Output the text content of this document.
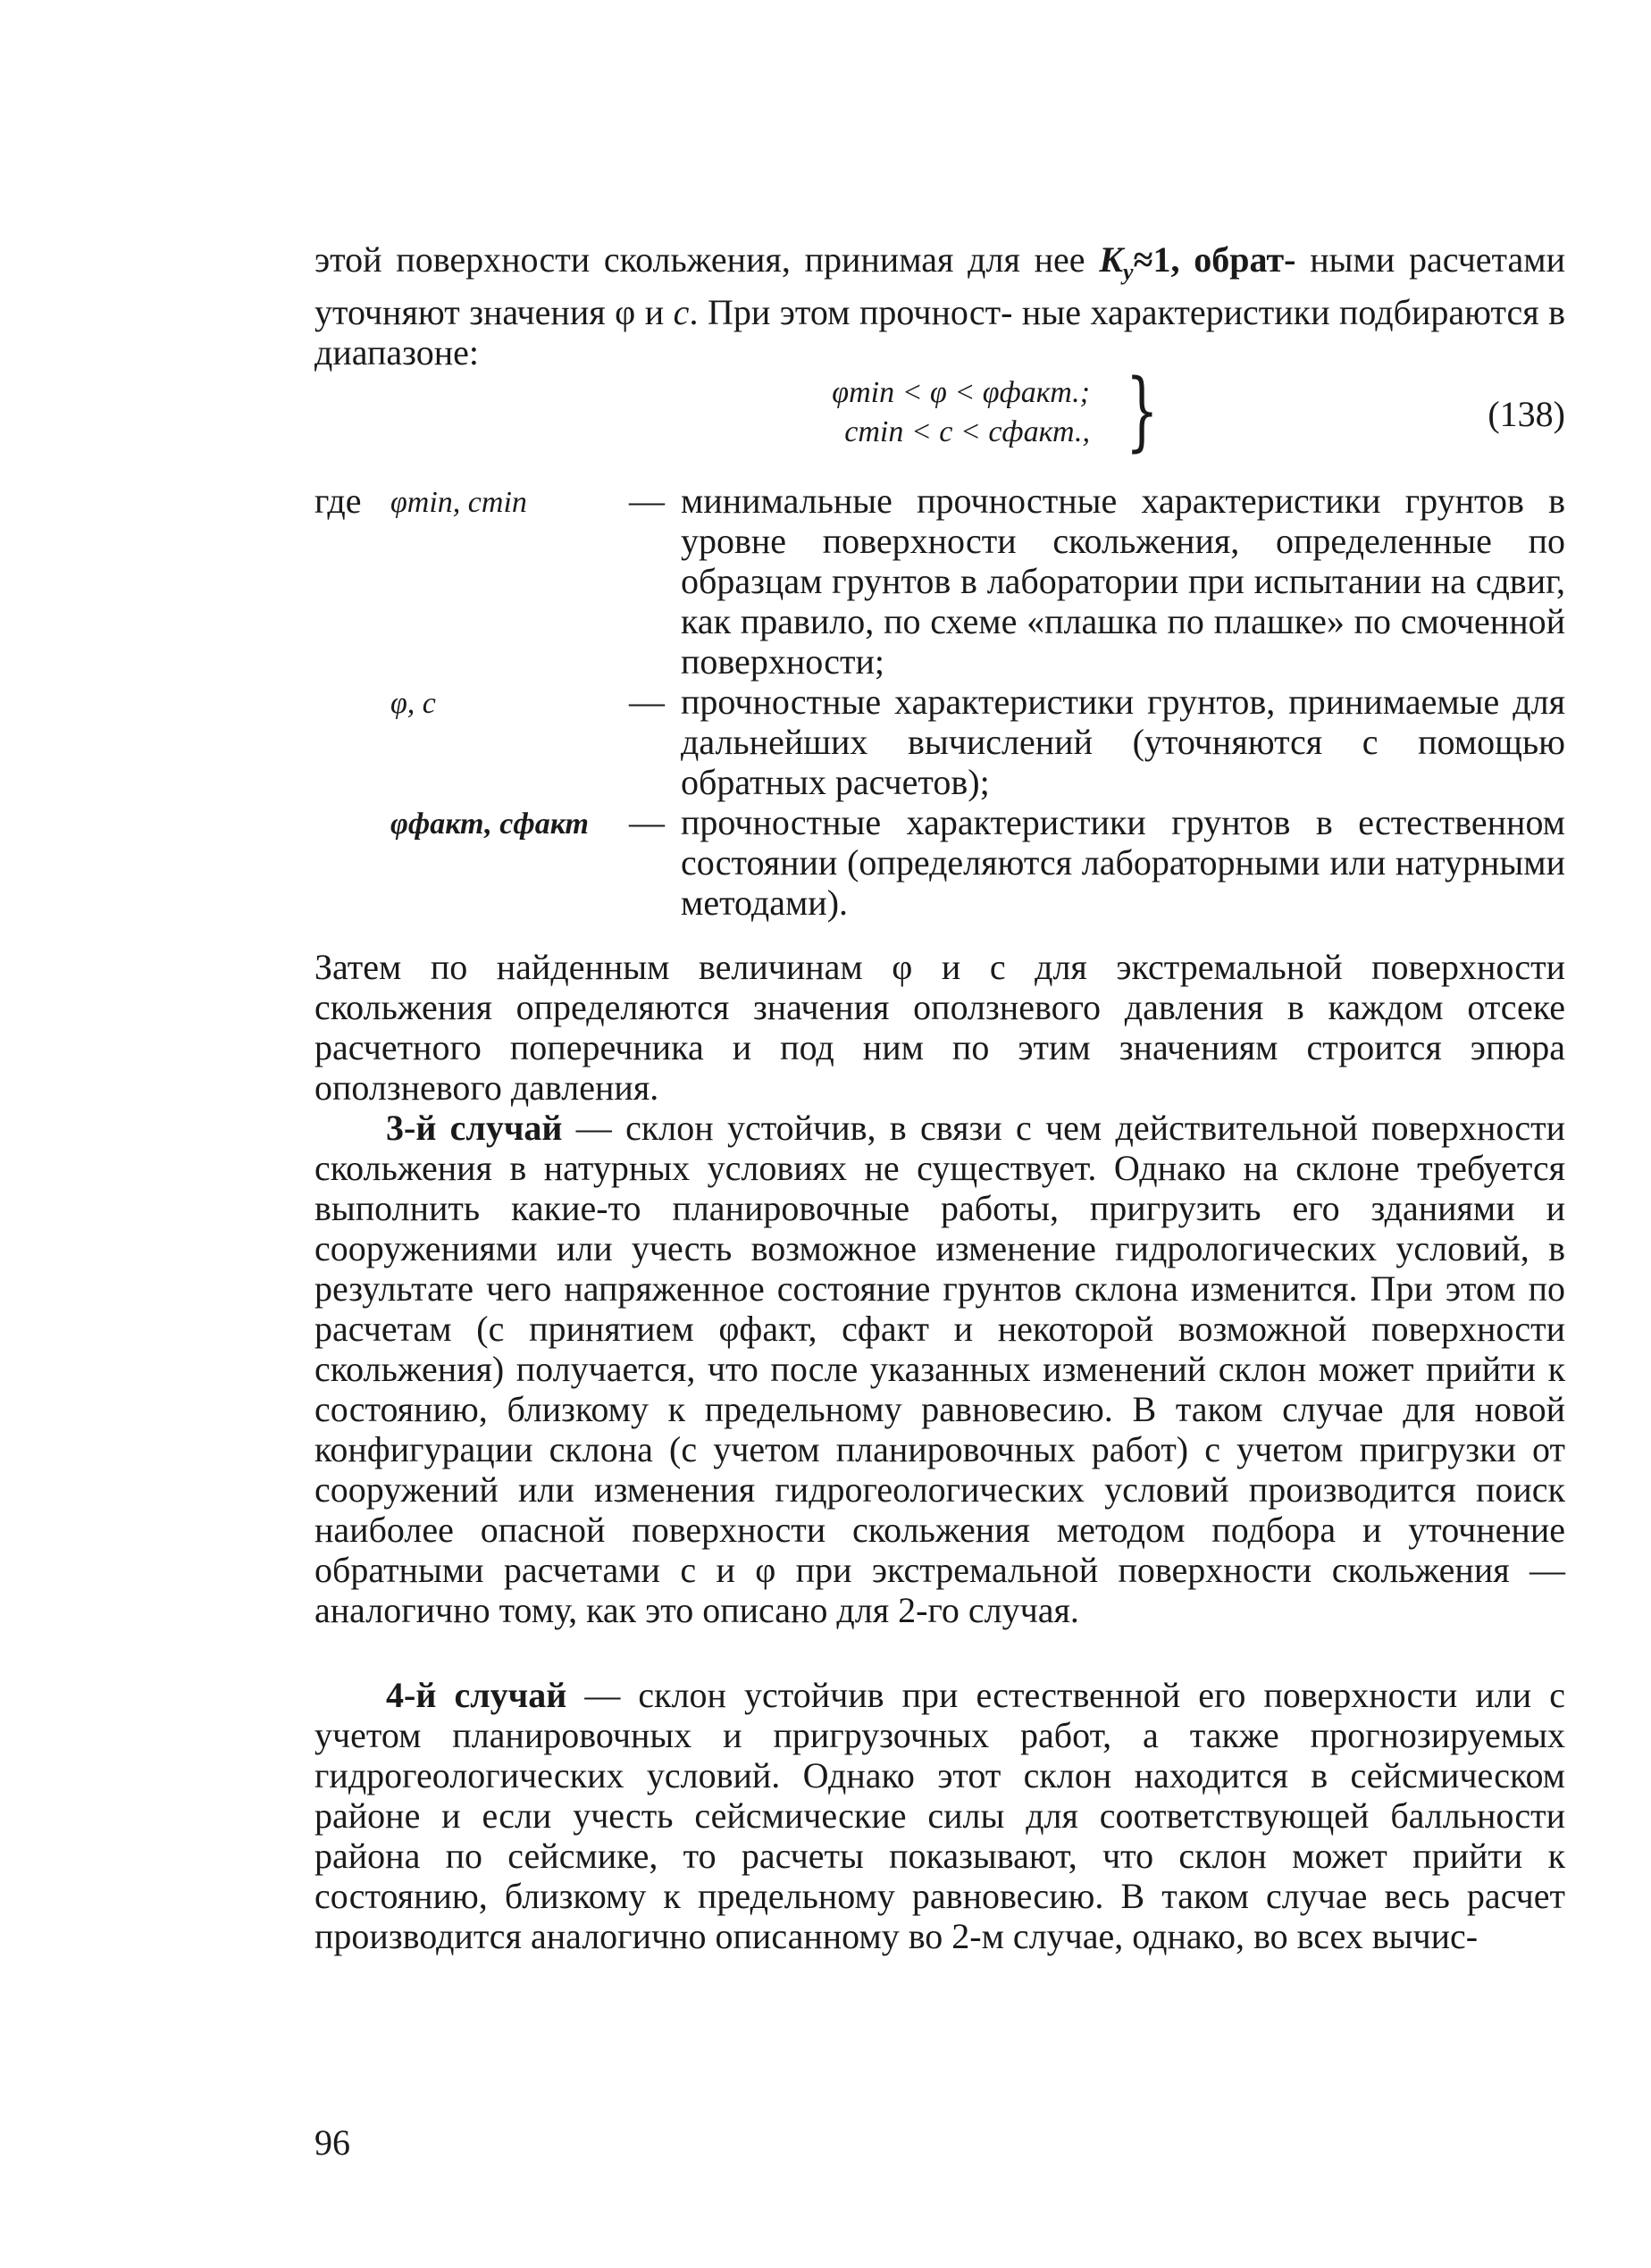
этой поверхности скольжения, принимая для нее $K_у\approx 1$, обрат- ными расчетами уточняют значения φ и c. При этом прочност- ные характеристики подбираются в диапазоне:

φmin < φ < φфакт.;
cmin < c < cфакт., }	(138)
где φmin, cmin	— минимальные прочностные характеристики грунтов в уровне поверхности скольжения, определенные по образцам грунтов в лаборатории при испытании на сдвиг, как правило, по схеме «плашка по плашке» по смоченной поверхности;
φ, c	— прочностные характеристики грунтов, принимаемые для дальнейших вычислений (уточняются с помощью обратных расчетов);
φфакт, cфакт — прочностные характеристики грунтов в естественном состоянии (определяются лабораторными или натурными методами).

Затем по найденным величинам φ и c для экстремальной поверхности скольжения определяются значения оползневого давления в каждом отсеке расчетного поперечника и под ним по этим значениям строится эпюра оползневого давления.

3-й случай — склон устойчив, в связи с чем действительной поверхности скольжения в натурных условиях не существует. Однако на склоне требуется выполнить какие-то планировочные работы, пригрузить его зданиями и сооружениями или учесть возможное изменение гидрологических условий, в результате чего напряженное состояние грунтов склона изменится. При этом по расчетам (с принятием φфакт, cфакт и некоторой возможной поверхности скольжения) получается, что после указанных изменений склон может прийти к состоянию, близкому к предельному равновесию. В таком случае для новой конфигурации склона (с учетом планировочных работ) с учетом пригрузки от сооружений или изменения гидрогеологических условий производится поиск наиболее опасной поверхности скольжения методом подбора и уточнение обратными расчетами c и φ при экстремальной поверхности скольжения — аналогично тому, как это описано для 2-го случая.

4-й случай — склон устойчив при естественной его поверхности или с учетом планировочных и пригрузочных работ, а также прогнозируемых гидрогеологических условий. Однако этот склон находится в сейсмическом районе и если учесть сейсмические силы для соответствующей балльности района по сейсмике, то расчеты показывают, что склон может прийти к состоянию, близкому к предельному равновесию. В таком случае весь расчет производится аналогично описанному во 2-м случае, однако, во всех вычис-

96
